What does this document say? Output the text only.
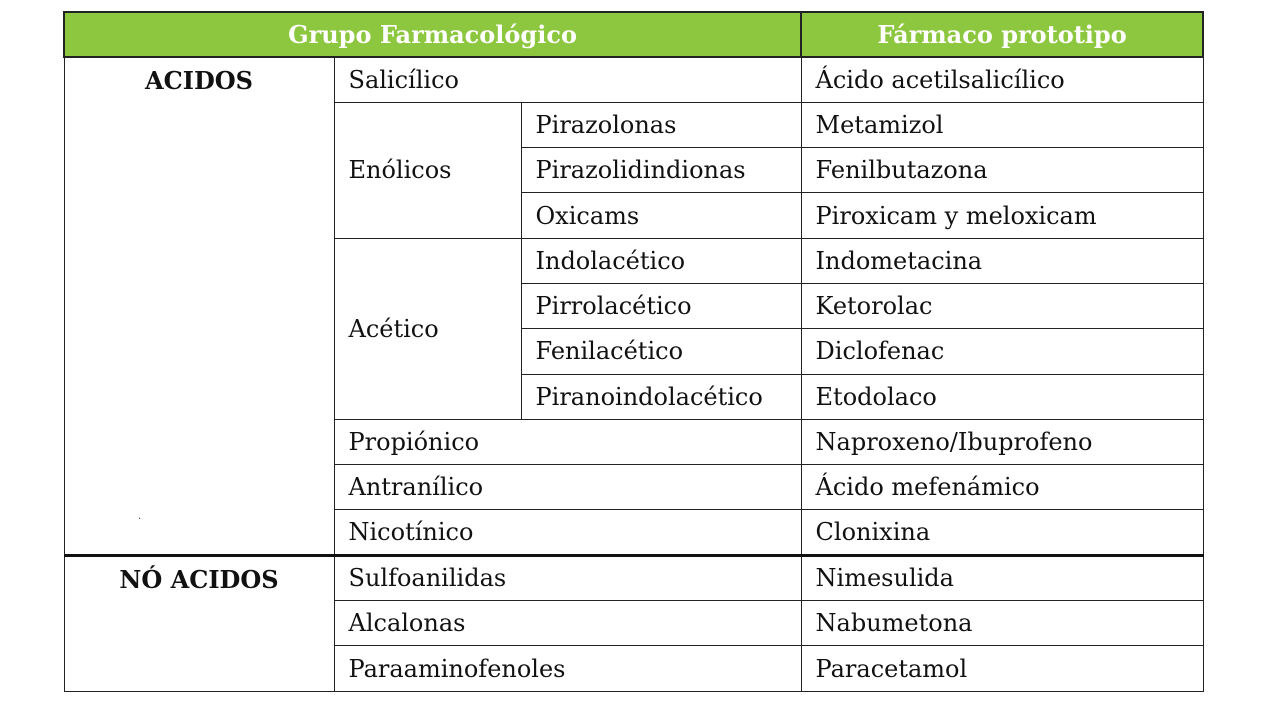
Grupo Farmacológico			Fármaco prototipo
ACIDOS	Salicílico		Ácido acetilsalicílico
	Enólicos	Pirazolonas	Metamizol
		Pirazolidindionas	Fenilbutazona
		Oxicams	Piroxicam y meloxicam
	Acético	Indolacético	Indometacina
		Pirrolacético	Ketorolac
		Fenilacético	Diclofenac
		Piranoindolacético	Etodolaco
	Propiónico		Naproxeno/Ibuprofeno
	Antranílico		Ácido mefenámico
	Nicotínico		Clonixina
NÓ ACIDOS	Sulfoanilidas		Nimesulida
	Alcalonas		Nabumetona
	Paraaminofenoles		Paracetamol
·
